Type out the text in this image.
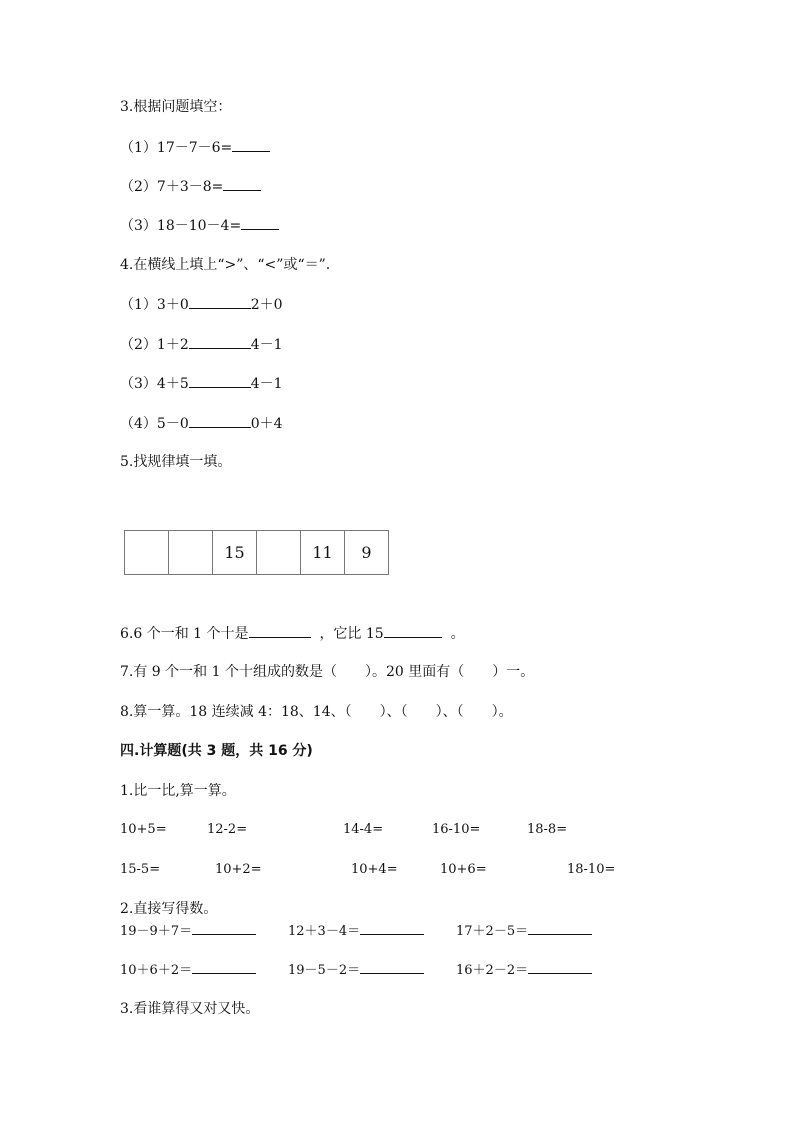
3.根据问题填空：
（1）17－7－6=
（2）7＋3－8=
（3）18－10－4=
4.在横线上填上“>”、“<”或“＝”.
（1）3＋0	2＋0
（2）1＋2	4－1
（3）4＋5	4－1
（4）5－0	0＋4
5.找规律填一填。
		15		11	9
6.6 个一和 1 个十是	，它比 15	。
7.有 9 个一和 1 个十组成的数是（　　）。20 里面有（　　）一。
8.算一算。18 连续减 4：18、14、（　　）、（　　）、（　　）。
四.计算题(共 3 题，共 16 分)
1.比一比,算一算。
10+5=	12-2=	14-4=	16-10=	18-8=
15-5=	10+2=	10+4=	10+6=	18-10=
2.直接写得数。
19－9＋7＝	12＋3－4＝	17＋2－5＝
10＋6＋2＝	19－5－2＝	16＋2－2＝
3.看谁算得又对又快。
